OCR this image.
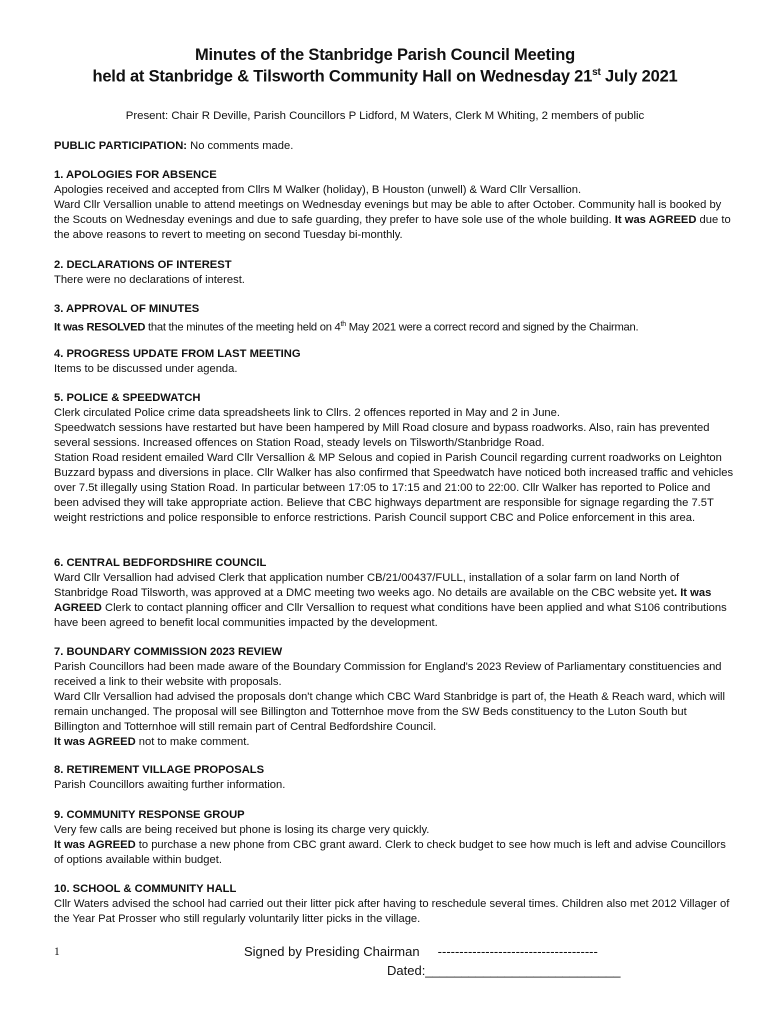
Minutes of the Stanbridge Parish Council Meeting
held at Stanbridge & Tilsworth Community Hall on Wednesday 21st July 2021
Present: Chair R Deville, Parish Councillors P Lidford, M Waters, Clerk M Whiting, 2 members of public

PUBLIC PARTICIPATION: No comments made.

1. APOLOGIES FOR ABSENCE

Apologies received and accepted from Cllrs M Walker (holiday), B Houston (unwell) & Ward Cllr Versallion.

Ward Cllr Versallion unable to attend meetings on Wednesday evenings but may be able to after October. Community hall is booked by the Scouts on Wednesday evenings and due to safe guarding, they prefer to have sole use of the whole building. It was AGREED due to the above reasons to revert to meeting on second Tuesday bi-monthly.

2. DECLARATIONS OF INTEREST

There were no declarations of interest.

3. APPROVAL OF MINUTES

It was RESOLVED that the minutes of the meeting held on 4th May 2021 were a correct record and signed by the Chairman.

4. PROGRESS UPDATE FROM LAST MEETING

Items to be discussed under agenda.

5. POLICE & SPEEDWATCH

Clerk circulated Police crime data spreadsheets link to Cllrs. 2 offences reported in May and 2 in June.

Speedwatch sessions have restarted but have been hampered by Mill Road closure and bypass roadworks. Also, rain has prevented several sessions. Increased offences on Station Road, steady levels on Tilsworth/Stanbridge Road.

Station Road resident emailed Ward Cllr Versallion & MP Selous and copied in Parish Council regarding current roadworks on Leighton Buzzard bypass and diversions in place. Cllr Walker has also confirmed that Speedwatch have noticed both increased traffic and vehicles over 7.5t illegally using Station Road. In particular between 17:05 to 17:15 and 21:00 to 22:00. Cllr Walker has reported to Police and been advised they will take appropriate action. Believe that CBC highways department are responsible for signage regarding the 7.5T weight restrictions and police responsible to enforce restrictions. Parish Council support CBC and Police enforcement in this area.

6. CENTRAL BEDFORDSHIRE COUNCIL

Ward Cllr Versallion had advised Clerk that application number CB/21/00437/FULL, installation of a solar farm on land North of Stanbridge Road Tilsworth, was approved at a DMC meeting two weeks ago. No details are available on the CBC website yet. It was AGREED Clerk to contact planning officer and Cllr Versallion to request what conditions have been applied and what S106 contributions have been agreed to benefit local communities impacted by the development.

7. BOUNDARY COMMISSION 2023 REVIEW

Parish Councillors had been made aware of the Boundary Commission for England's 2023 Review of Parliamentary constituencies and received a link to their website with proposals.

Ward Cllr Versallion had advised the proposals don't change which CBC Ward Stanbridge is part of, the Heath & Reach ward, which will remain unchanged. The proposal will see Billington and Totternhoe move from the SW Beds constituency to the Luton South but Billington and Totternhoe will still remain part of Central Bedfordshire Council.

It was AGREED not to make comment.

8. RETIREMENT VILLAGE PROPOSALS

Parish Councillors awaiting further information.

9. COMMUNITY RESPONSE GROUP

Very few calls are being received but phone is losing its charge very quickly.

It was AGREED to purchase a new phone from CBC grant award. Clerk to check budget to see how much is left and advise Councillors of options available within budget.

10. SCHOOL & COMMUNITY HALL

Cllr Waters advised the school had carried out their litter pick after having to reschedule several times. Children also met 2012 Villager of the Year Pat Prosser who still regularly voluntarily litter picks in the village.

1	Signed by Presiding Chairman     -------------------------------------
Dated:___________________________
